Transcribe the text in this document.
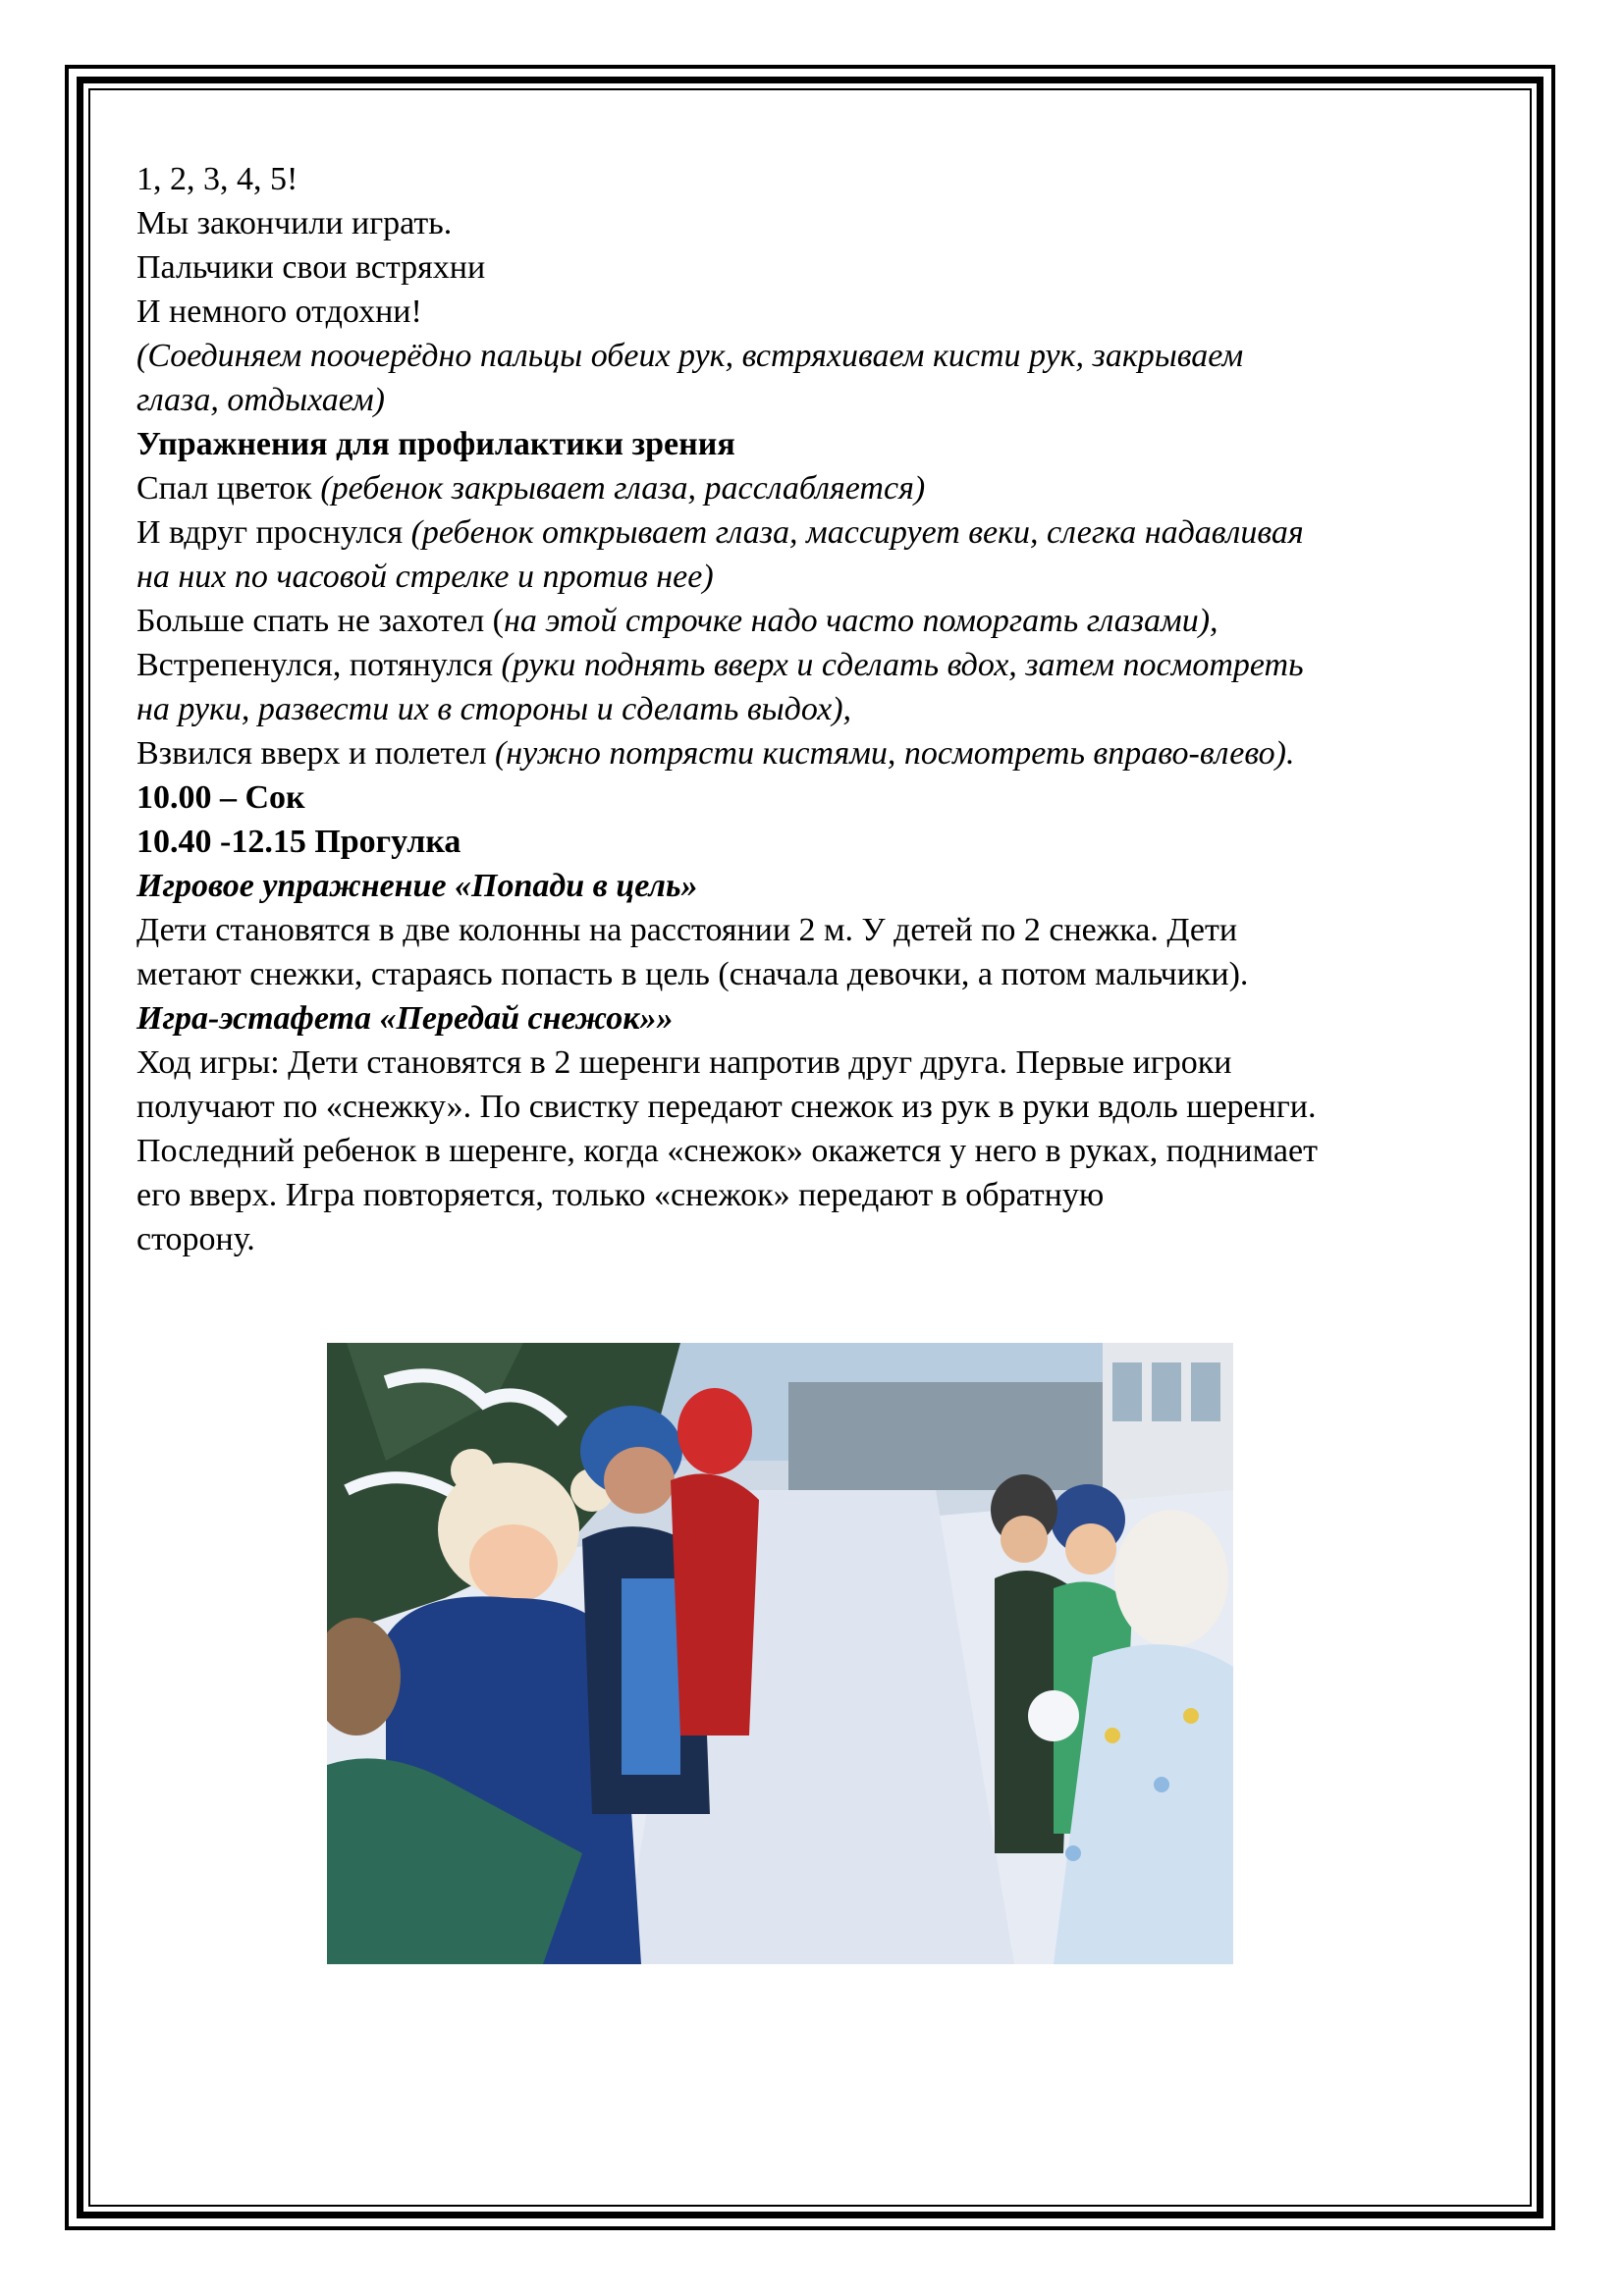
1, 2, 3, 4, 5!
Мы закончили играть.
Пальчики свои встряхни
И немного отдохни!
(Соединяем поочерёдно пальцы обеих рук, встряхиваем кисти рук, закрываем
глаза, отдыхаем)
Упражнения для профилактики зрения
Спал цветок (ребенок закрывает глаза, расслабляется)
И вдруг проснулся (ребенок открывает глаза, массирует веки, слегка надавливая
на них по часовой стрелке и против нее)
Больше спать не захотел (на этой строчке надо часто поморгать глазами),
Встрепенулся, потянулся (руки поднять вверх и сделать вдох, затем посмотреть
на руки, развести их в стороны и сделать выдох),
Взвился вверх и полетел (нужно потрясти кистями, посмотреть вправо-влево).
10.00 – Сок
10.40 -12.15 Прогулка
Игровое упражнение «Попади в цель»
Дети становятся в две колонны на расстоянии 2 м. У детей по 2 снежка. Дети
метают снежки, стараясь попасть в цель (сначала девочки, а потом мальчики).
Игра-эстафета «Передай снежок»»
Ход игры: Дети становятся в 2 шеренги напротив друг друга. Первые игроки
получают по «снежку». По свистку передают снежок из рук в руки вдоль шеренги.
Последний ребенок в шеренге, когда «снежок» окажется у него в руках, поднимает
его вверх. Игра повторяется, только «снежок» передают в обратную
сторону.
